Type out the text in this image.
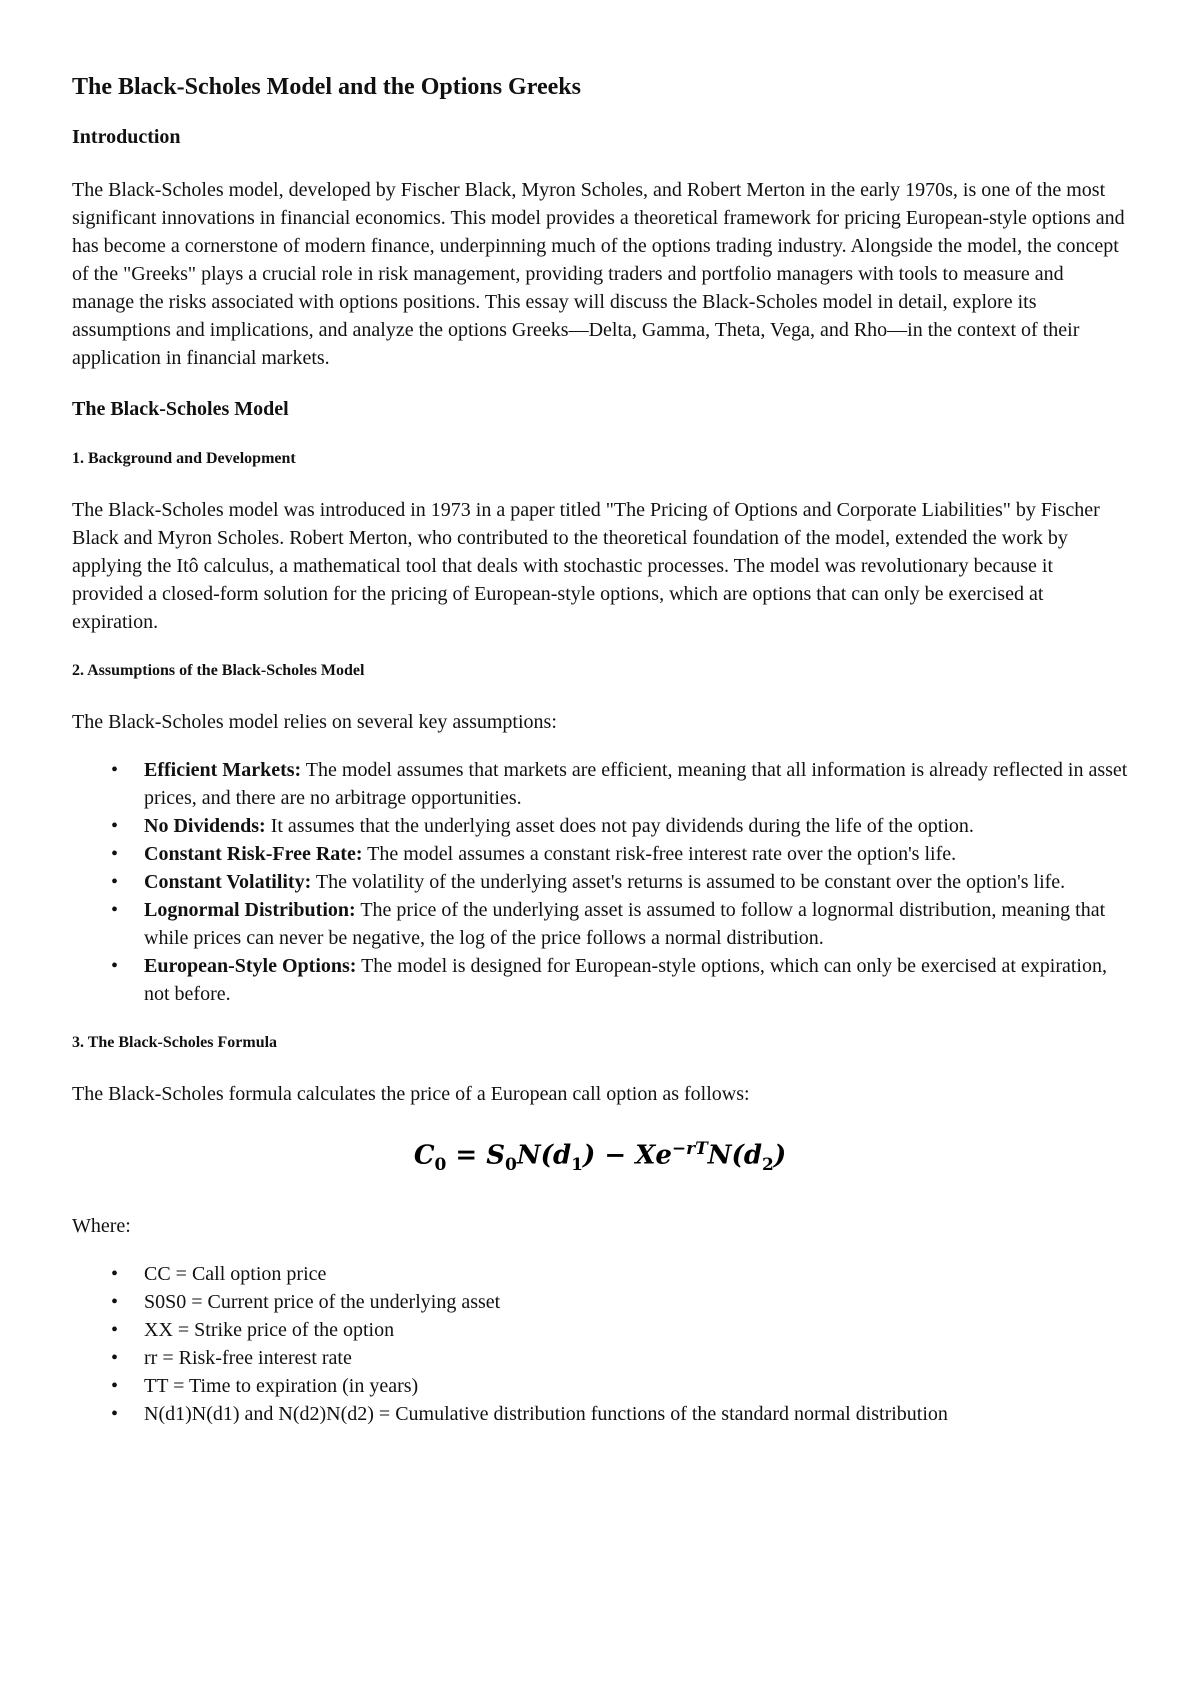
The Black-Scholes Model and the Options Greeks
Introduction

The Black-Scholes model, developed by Fischer Black, Myron Scholes, and Robert Merton in the early 1970s, is one of the most significant innovations in financial economics. This model provides a theoretical framework for pricing European-style options and has become a cornerstone of modern finance, underpinning much of the options trading industry. Alongside the model, the concept of the "Greeks" plays a crucial role in risk management, providing traders and portfolio managers with tools to measure and manage the risks associated with options positions. This essay will discuss the Black-Scholes model in detail, explore its assumptions and implications, and analyze the options Greeks—Delta, Gamma, Theta, Vega, and Rho—in the context of their application in financial markets.

The Black-Scholes Model
1. Background and Development

The Black-Scholes model was introduced in 1973 in a paper titled "The Pricing of Options and Corporate Liabilities" by Fischer Black and Myron Scholes. Robert Merton, who contributed to the theoretical foundation of the model, extended the work by applying the Itô calculus, a mathematical tool that deals with stochastic processes. The model was revolutionary because it provided a closed-form solution for the pricing of European-style options, which are options that can only be exercised at expiration.

2. Assumptions of the Black-Scholes Model

The Black-Scholes model relies on several key assumptions:

• Efficient Markets: The model assumes that markets are efficient, meaning that all information is already reflected in asset prices, and there are no arbitrage opportunities.
• No Dividends: It assumes that the underlying asset does not pay dividends during the life of the option.
• Constant Risk-Free Rate: The model assumes a constant risk-free interest rate over the option's life.
• Constant Volatility: The volatility of the underlying asset's returns is assumed to be constant over the option's life.
• Lognormal Distribution: The price of the underlying asset is assumed to follow a lognormal distribution, meaning that while prices can never be negative, the log of the price follows a normal distribution.
• European-Style Options: The model is designed for European-style options, which can only be exercised at expiration, not before.
3. The Black-Scholes Formula

The Black-Scholes formula calculates the price of a European call option as follows:

$C_0 = S_0N(d_1) - Xe^{-rT}N(d_2)$

Where:

• CC = Call option price
• S0S0 = Current price of the underlying asset
• XX = Strike price of the option
• rr = Risk-free interest rate
• TT = Time to expiration (in years)
• N(d1)N(d1) and N(d2)N(d2) = Cumulative distribution functions of the standard normal distribution
